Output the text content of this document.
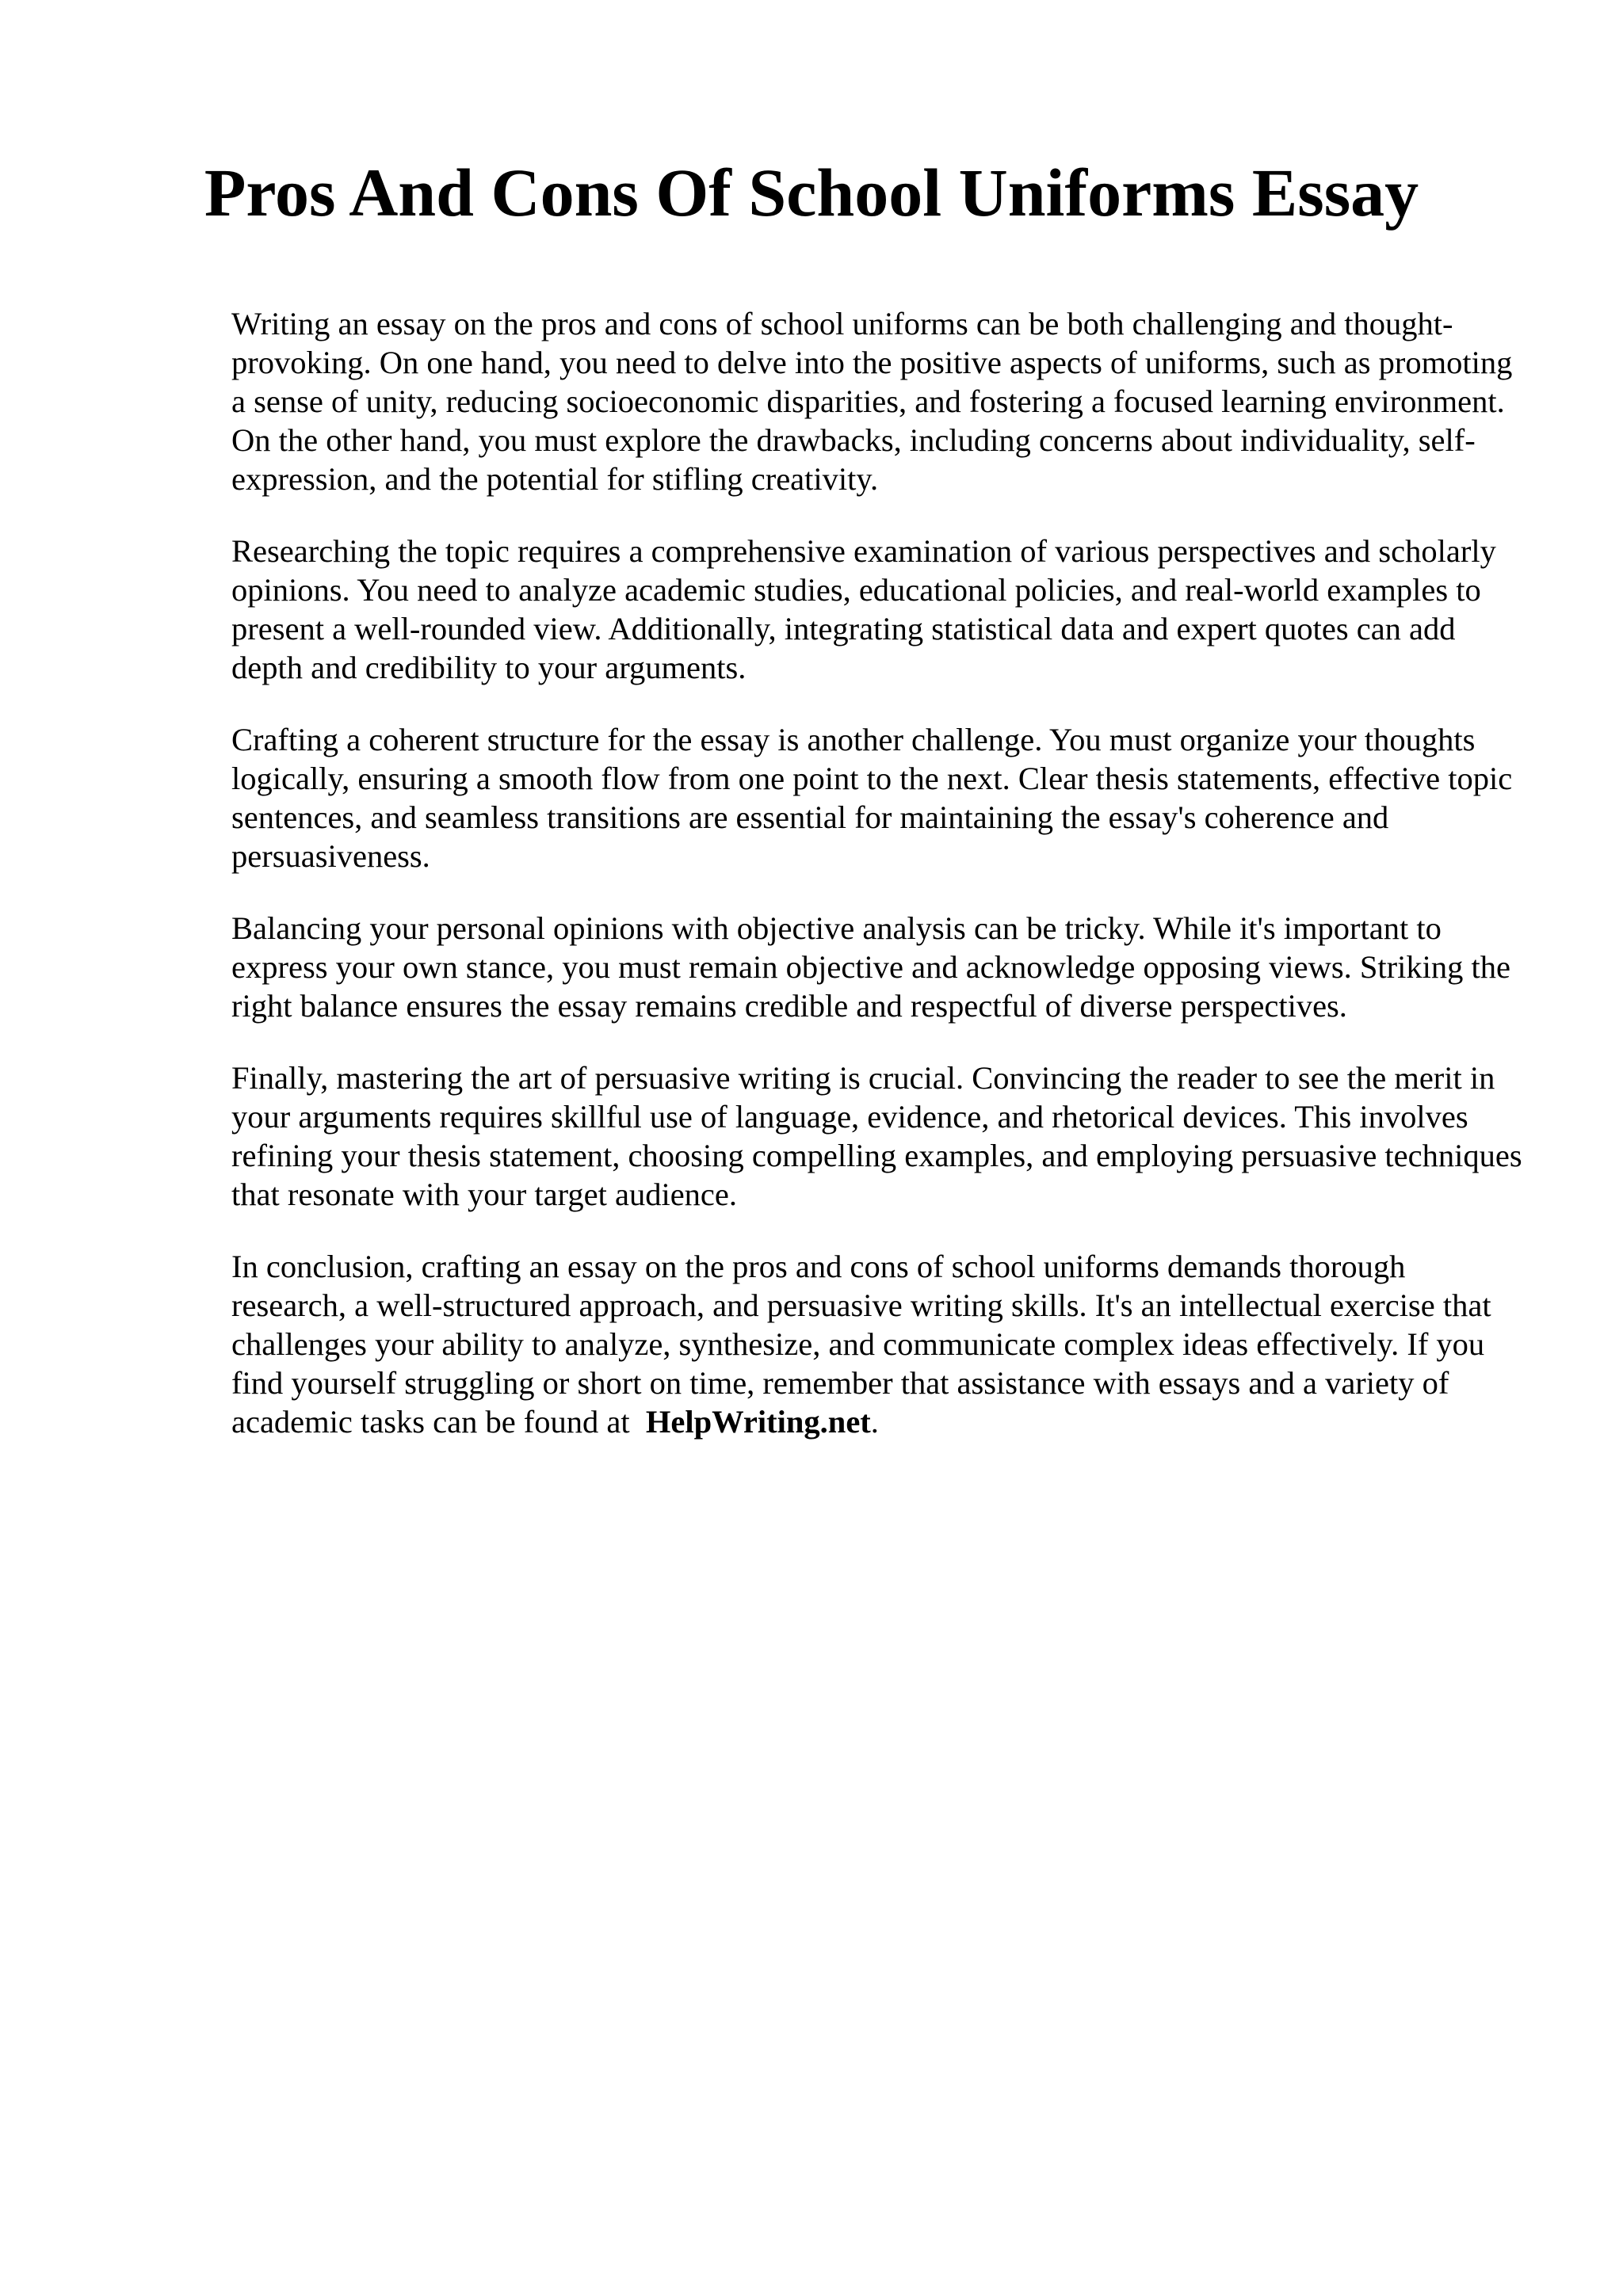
Pros And Cons Of School Uniforms Essay

Writing an essay on the pros and cons of school uniforms can be both challenging and thought-provoking. On one hand, you need to delve into the positive aspects of uniforms, such as promoting a sense of unity, reducing socioeconomic disparities, and fostering a focused learning environment. On the other hand, you must explore the drawbacks, including concerns about individuality, self-expression, and the potential for stifling creativity.

Researching the topic requires a comprehensive examination of various perspectives and scholarly opinions. You need to analyze academic studies, educational policies, and real-world examples to present a well-rounded view. Additionally, integrating statistical data and expert quotes can add depth and credibility to your arguments.

Crafting a coherent structure for the essay is another challenge. You must organize your thoughts logically, ensuring a smooth flow from one point to the next. Clear thesis statements, effective topic sentences, and seamless transitions are essential for maintaining the essay's coherence and persuasiveness.

Balancing your personal opinions with objective analysis can be tricky. While it's important to express your own stance, you must remain objective and acknowledge opposing views. Striking the right balance ensures the essay remains credible and respectful of diverse perspectives.

Finally, mastering the art of persuasive writing is crucial. Convincing the reader to see the merit in your arguments requires skillful use of language, evidence, and rhetorical devices. This involves refining your thesis statement, choosing compelling examples, and employing persuasive techniques that resonate with your target audience.

In conclusion, crafting an essay on the pros and cons of school uniforms demands thorough research, a well-structured approach, and persuasive writing skills. It's an intellectual exercise that challenges your ability to analyze, synthesize, and communicate complex ideas effectively. If you find yourself struggling or short on time, remember that assistance with essays and a variety of academic tasks can be found at HelpWriting.net.
